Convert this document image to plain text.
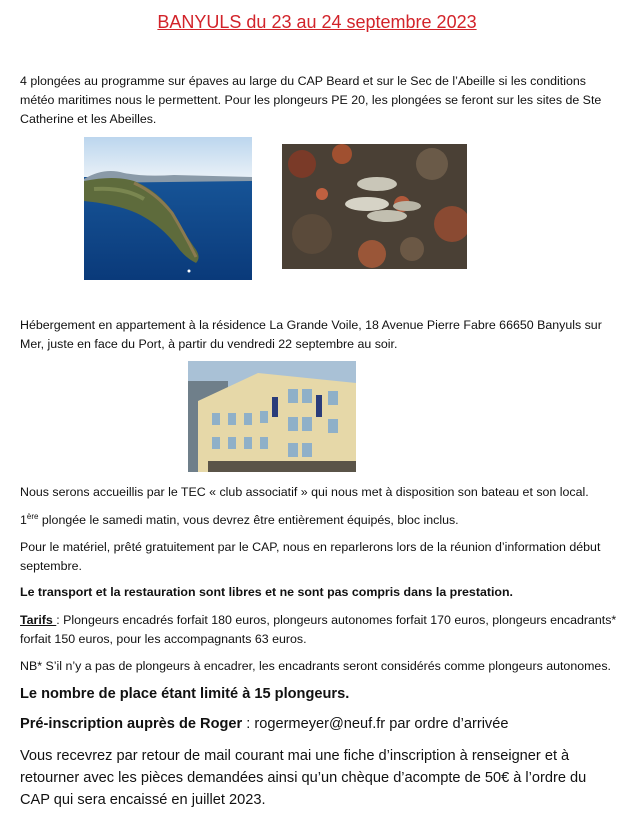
BANYULS du 23 au 24 septembre 2023
4 plongées au programme sur épaves au large du CAP Beard et sur le Sec de l’Abeille si les conditions météo maritimes nous le permettent. Pour les plongeurs PE 20, les plongées se feront sur les sites de Ste Catherine et les Abeilles.
Hébergement en appartement à la résidence La Grande Voile, 18 Avenue Pierre Fabre 66650 Banyuls sur Mer, juste en face du Port, à partir du vendredi 22 septembre au soir.
Nous serons accueillis par le TEC « club associatif » qui nous met à disposition son bateau et son local.
1ère plongée le samedi matin, vous devrez être entièrement équipés, bloc inclus.
Pour le matériel, prêté gratuitement par le CAP, nous en reparlerons lors de la réunion d’information début septembre.
Le transport et la restauration sont libres et ne sont pas compris dans la prestation.
Tarifs : Plongeurs encadrés forfait 180 euros, plongeurs autonomes forfait 170 euros, plongeurs encadrants* forfait 150 euros, pour les accompagnants 63 euros.
NB* S’il n’y a pas de plongeurs à encadrer, les encadrants seront considérés comme plongeurs autonomes.
Le nombre de place étant limité à 15 plongeurs.
Pré-inscription auprès de Roger : rogermeyer@neuf.fr par ordre d’arrivée
Vous recevrez par retour de mail courant mai une fiche d’inscription à renseigner et à retourner avec les pièces demandées ainsi qu’un chèque d’acompte de 50€ à l’ordre du CAP qui sera encaissé en juillet 2023.
